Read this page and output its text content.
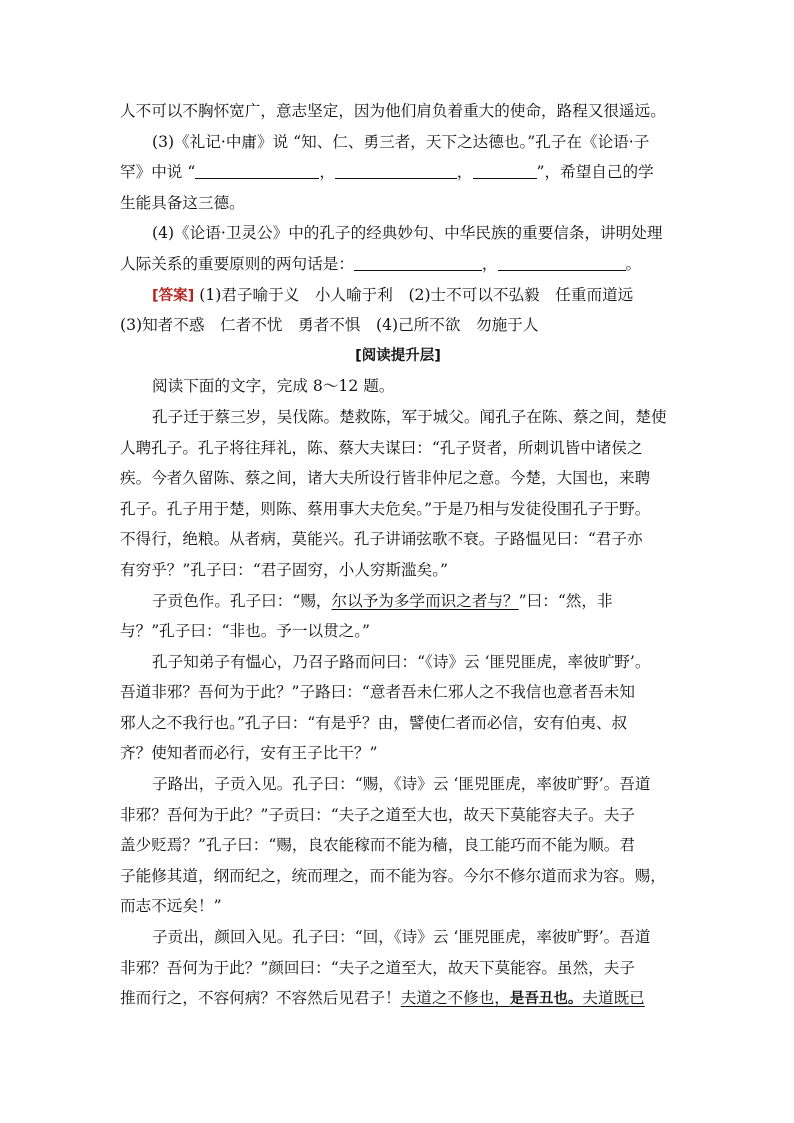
人不可以不胸怀宽广，意志坚定，因为他们肩负着重大的使命，路程又很遥远。
(3)《礼记·中庸》说 “知、仁、勇三者，天下之达德也。”孔子在《论语·子
罕》中说 “	，	，	”，希望自己的学
生能具备这三德。
(4)《论语·卫灵公》中的孔子的经典妙句、中华民族的重要信条，讲明处理
人际关系的重要原则的两句话是：	，	。
[答案] (1)君子喻于义　小人喻于利　(2)士不可以不弘毅　任重而道远
(3)知者不惑　仁者不忧　勇者不惧　(4)己所不欲　勿施于人
[阅读提升层]
阅读下面的文字，完成 8～12 题。
孔子迁于蔡三岁，吴伐陈。楚救陈，军于城父。闻孔子在陈、蔡之间，楚使
人聘孔子。孔子将往拜礼，陈、蔡大夫谋曰：“孔子贤者，所刺讥皆中诸侯之
疾。今者久留陈、蔡之间，诸大夫所设行皆非仲尼之意。今楚，大国也，来聘
孔子。孔子用于楚，则陈、蔡用事大夫危矣。”于是乃相与发徒役围孔子于野。
不得行，绝粮。从者病，莫能兴。孔子讲诵弦歌不衰。子路愠见曰：“君子亦
有穷乎？”孔子曰：“君子固穷，小人穷斯滥矣。”
子贡色作。孔子曰：“赐，尔以予为多学而识之者与？”曰：“然，非
与？”孔子曰：“非也。予一以贯之。”
孔子知弟子有愠心，乃召子路而问曰：“《诗》云 ‘匪兕匪虎，率彼旷野’。
吾道非邪？吾何为于此？”子路曰：“意者吾未仁邪人之不我信也意者吾未知
邪人之不我行也。”孔子曰：“有是乎？由，譬使仁者而必信，安有伯夷、叔
齐？使知者而必行，安有王子比干？”
子路出，子贡入见。孔子曰：“赐，《诗》云 ‘匪兕匪虎，率彼旷野’。吾道
非邪？吾何为于此？”子贡曰：“夫子之道至大也，故天下莫能容夫子。夫子
盖少贬焉？”孔子曰：“赐，良农能稼而不能为穑，良工能巧而不能为顺。君
子能修其道，纲而纪之，统而理之，而不能为容。今尔不修尔道而求为容。赐，
而志不远矣！”
子贡出，颜回入见。孔子曰：“回，《诗》云 ‘匪兕匪虎，率彼旷野’。吾道
非邪？吾何为于此？”颜回曰：“夫子之道至大，故天下莫能容。虽然，夫子
推而行之，不容何病？不容然后见君子！夫道之不修也，是吾丑也。夫道既已
